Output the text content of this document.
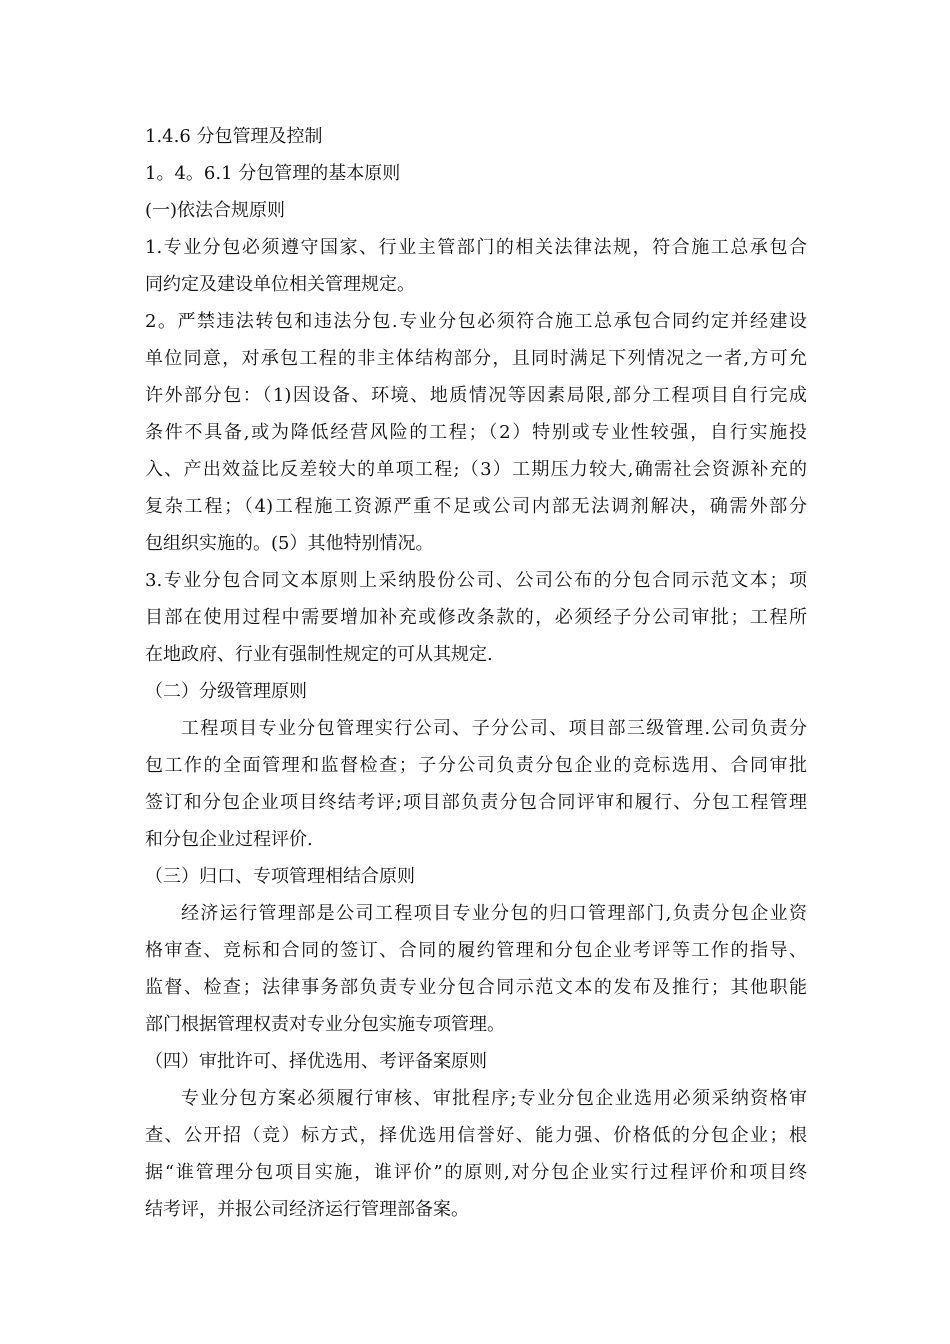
1.4.6 分包管理及控制
1。4。6.1 分包管理的基本原则
(一)依法合规原则
1.专业分包必须遵守国家、行业主管部门的相关法律法规，符合施工总承包合
同约定及建设单位相关管理规定。
2。严禁违法转包和违法分包.专业分包必须符合施工总承包合同约定并经建设
单位同意，对承包工程的非主体结构部分，且同时满足下列情况之一者,方可允
许外部分包：（1)因设备、环境、地质情况等因素局限,部分工程项目自行完成
条件不具备,或为降低经营风险的工程；（2）特别或专业性较强，自行实施投
入、产出效益比反差较大的单项工程;（3）工期压力较大,确需社会资源补充的
复杂工程；（4)工程施工资源严重不足或公司内部无法调剂解决，确需外部分
包组织实施的。(5）其他特别情况。
3.专业分包合同文本原则上采纳股份公司、公司公布的分包合同示范文本；项
目部在使用过程中需要增加补充或修改条款的，必须经子分公司审批；工程所
在地政府、行业有强制性规定的可从其规定.
（二）分级管理原则
工程项目专业分包管理实行公司、子分公司、项目部三级管理.公司负责分
包工作的全面管理和监督检查；子分公司负责分包企业的竞标选用、合同审批
签订和分包企业项目终结考评;项目部负责分包合同评审和履行、分包工程管理
和分包企业过程评价.
（三）归口、专项管理相结合原则
经济运行管理部是公司工程项目专业分包的归口管理部门,负责分包企业资
格审查、竞标和合同的签订、合同的履约管理和分包企业考评等工作的指导、
监督、检查；法律事务部负责专业分包合同示范文本的发布及推行；其他职能
部门根据管理权责对专业分包实施专项管理。
（四）审批许可、择优选用、考评备案原则
专业分包方案必须履行审核、审批程序;专业分包企业选用必须采纳资格审
查、公开招（竞）标方式，择优选用信誉好、能力强、价格低的分包企业；根
据“谁管理分包项目实施，谁评价”的原则,对分包企业实行过程评价和项目终
结考评，并报公司经济运行管理部备案。
